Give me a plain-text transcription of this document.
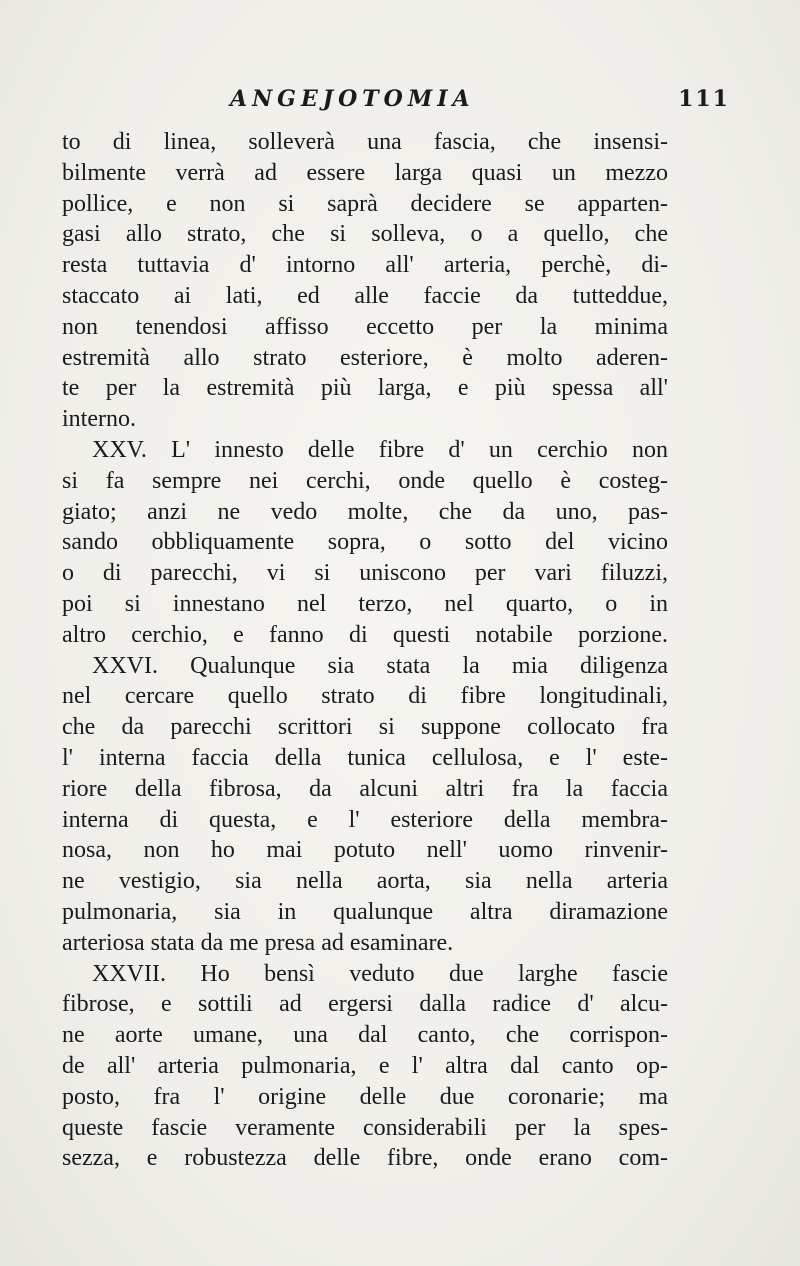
ANGEJOTOMIA	111
to di linea, solleverà una fascia, che insensi-
bilmente verrà ad essere larga quasi un mezzo
pollice, e non si saprà decidere se apparten-
gasi allo strato, che si solleva, o a quello, che
resta tuttavia d' intorno all' arteria, perchè, di-
staccato ai lati, ed alle faccie da tutteddue,
non tenendosi affisso eccetto per la minima
estremità allo strato esteriore, è molto aderen-
te per la estremità più larga, e più spessa all'
interno.
XXV. L' innesto delle fibre d' un cerchio non
si fa sempre nei cerchi, onde quello è costeg-
giato; anzi ne vedo molte, che da uno, pas-
sando obbliquamente sopra, o sotto del vicino
o di parecchi, vi si uniscono per vari filuzzi,
poi si innestano nel terzo, nel quarto, o in
altro cerchio, e fanno di questi notabile porzione.
XXVI. Qualunque sia stata la mia diligenza
nel cercare quello strato di fibre longitudinali,
che da parecchi scrittori si suppone collocato fra
l' interna faccia della tunica cellulosa, e l' este-
riore della fibrosa, da alcuni altri fra la faccia
interna di questa, e l' esteriore della membra-
nosa, non ho mai potuto nell' uomo rinvenir-
ne vestigio, sia nella aorta, sia nella arteria
pulmonaria, sia in qualunque altra diramazione
arteriosa stata da me presa ad esaminare.
XXVII. Ho bensì veduto due larghe fascie
fibrose, e sottili ad ergersi dalla radice d' alcu-
ne aorte umane, una dal canto, che corrispon-
de all' arteria pulmonaria, e l' altra dal canto op-
posto, fra l' origine delle due coronarie; ma
queste fascie veramente considerabili per la spes-
sezza, e robustezza delle fibre, onde erano com-
